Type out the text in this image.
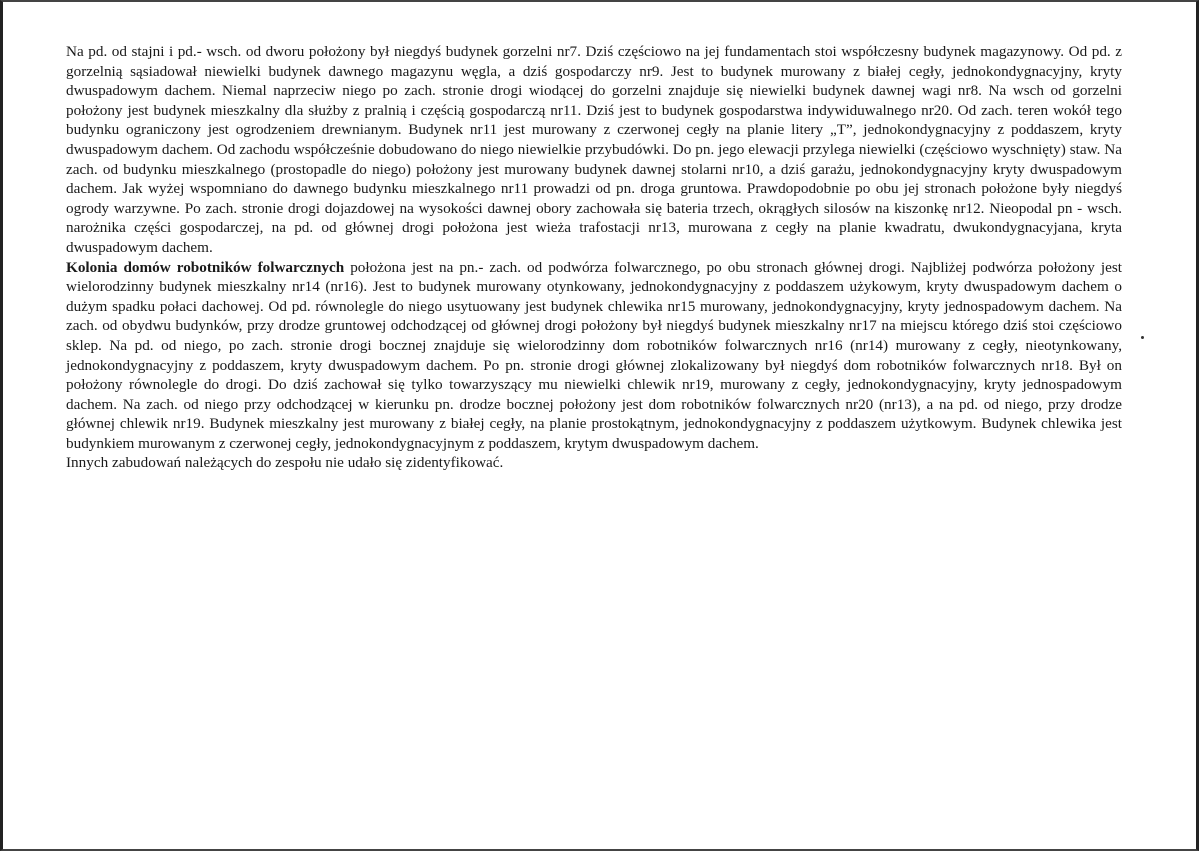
Na pd. od stajni i pd.- wsch. od dworu położony był niegdyś budynek gorzelni nr7. Dziś częściowo na jej fundamentach stoi współczesny budynek magazynowy. Od pd. z gorzelnią sąsiadował niewielki budynek dawnego magazynu węgla, a dziś gospodarczy nr9. Jest to budynek murowany z białej cegły, jednokondygnacyjny, kryty dwuspadowym dachem. Niemal naprzeciw niego po zach. stronie drogi wiodącej do gorzelni znajduje się niewielki budynek dawnej wagi nr8. Na wsch od gorzelni położony jest budynek mieszkalny dla służby z pralnią i częścią gospodarczą nr11. Dziś jest to budynek gospodarstwa indywiduwalnego nr20. Od zach. teren wokół tego budynku ograniczony jest ogrodzeniem drewnianym. Budynek nr11 jest murowany z czerwonej cegły na planie litery „T”, jednokondygnacyjny z poddaszem, kryty dwuspadowym dachem. Od zachodu współcześnie dobudowano do niego niewielkie przybudówki. Do pn. jego elewacji przylega niewielki (częściowo wyschnięty) staw. Na zach. od budynku mieszkalnego (prostopadle do niego) położony jest murowany budynek dawnej stolarni nr10, a dziś garażu, jednokondygnacyjny kryty dwuspadowym dachem. Jak wyżej wspomniano do dawnego budynku mieszkalnego nr11 prowadzi od pn. droga gruntowa. Prawdopodobnie po obu jej stronach położone były niegdyś ogrody warzywne. Po zach. stronie drogi dojazdowej na wysokości dawnej obory zachowała się bateria trzech, okrągłych silosów na kiszonkę nr12. Nieopodal pn - wsch. narożnika części gospodarczej, na pd. od głównej drogi położona jest wieża trafostacji nr13, murowana z cegły na planie kwadratu, dwukondygnacyjana, kryta dwuspadowym dachem.

Kolonia domów robotników folwarcznych położona jest na pn.- zach. od podwórza folwarcznego, po obu stronach głównej drogi. Najbliżej podwórza położony jest wielorodzinny budynek mieszkalny nr14 (nr16). Jest to budynek murowany otynkowany, jednokondygnacyjny z poddaszem użykowym, kryty dwuspadowym dachem o dużym spadku połaci dachowej. Od pd. równolegle do niego usytuowany jest budynek chlewika nr15 murowany, jednokondygnacyjny, kryty jednospadowym dachem. Na zach. od obydwu budynków, przy drodze gruntowej odchodzącej od głównej drogi położony był niegdyś budynek mieszkalny nr17 na miejscu którego dziś stoi częściowo sklep. Na pd. od niego, po zach. stronie drogi bocznej znajduje się wielorodzinny dom robotników folwarcznych nr16 (nr14) murowany z cegły, nieotynkowany, jednokondygnacyjny z poddaszem, kryty dwuspadowym dachem. Po pn. stronie drogi głównej zlokalizowany był niegdyś dom robotników folwarcznych nr18. Był on położony równolegle do drogi. Do dziś zachował się tylko towarzyszący mu niewielki chlewik nr19, murowany z cegły, jednokondygnacyjny, kryty jednospadowym dachem. Na zach. od niego przy odchodzącej w kierunku pn. drodze bocznej położony jest dom robotników folwarcznych nr20 (nr13), a na pd. od niego, przy drodze głównej chlewik nr19. Budynek mieszkalny jest murowany z białej cegły, na planie prostokątnym, jednokondygnacyjny z poddaszem użytkowym. Budynek chlewika jest budynkiem murowanym z czerwonej cegły, jednokondygnacyjnym z poddaszem, krytym dwuspadowym dachem.

Innych zabudowań należących do zespołu nie udało się zidentyfikować.
